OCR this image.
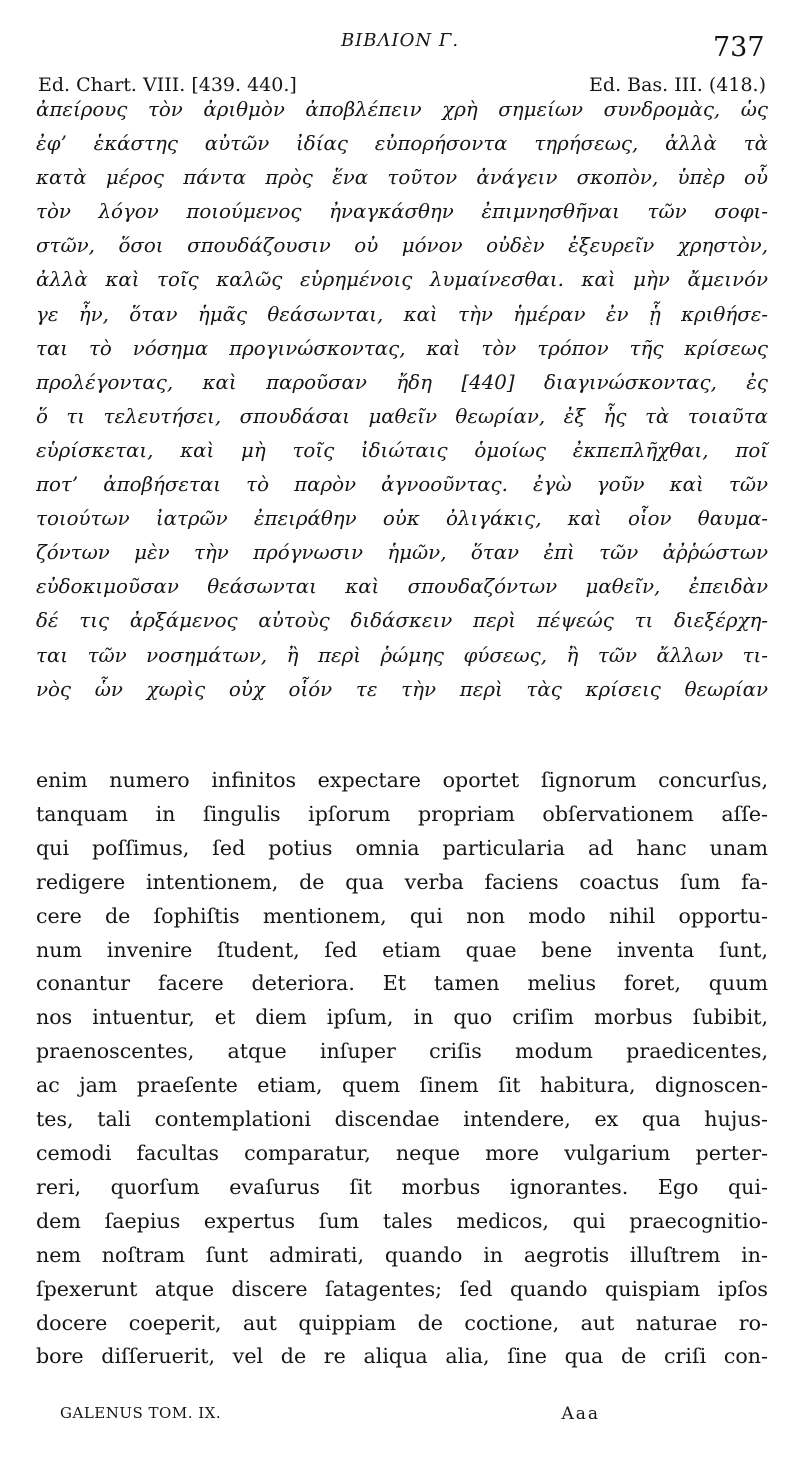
BIBΛIOΝ Γ.	737
Ed. Chart. VIII. [439. 440.]	Ed. Bas. III. (418.)
ἀπείρους τὸν ἀριθμὸν ἀποβλέπειν χρὴ σημείων συνδρομὰς, ὡς
ἐφ’ ἑκάστης αὐτῶν ἰδίας εὐπορήσοντα τηρήσεως, ἀλλὰ τὰ
κατὰ μέρος πάντα πρὸς ἕνα τοῦτον ἀνάγειν σκοπὸν, ὑπὲρ οὗ
τὸν λόγον ποιούμενος ἠναγκάσθην ἐπιμνησθῆναι τῶν σοφι-
στῶν, ὅσοι σπουδάζουσιν οὐ μόνον οὐδὲν ἐξευρεῖν χρηστὸν,
ἀλλὰ καὶ τοῖς καλῶς εὑρημένοις λυμαίνεσθαι. καὶ μὴν ἄμεινόν
γε ἦν, ὅταν ἡμᾶς θεάσωνται, καὶ τὴν ἡμέραν ἐν ᾗ κριθήσε-
ται τὸ νόσημα προγινώσκοντας, καὶ τὸν τρόπον τῆς κρίσεως
προλέγοντας, καὶ παροῦσαν ἤδη [440] διαγινώσκοντας, ἐς
ὅ τι τελευτήσει, σπουδάσαι μαθεῖν θεωρίαν, ἐξ ἧς τὰ τοιαῦτα
εὑρίσκεται, καὶ μὴ τοῖς ἰδιώταις ὁμοίως ἐκπεπλῆχθαι, ποῖ
ποτ’ ἀποβήσεται τὸ παρὸν ἀγνοοῦντας. ἐγὼ γοῦν καὶ τῶν
τοιούτων ἰατρῶν ἐπειράθην οὐκ ὀλιγάκις, καὶ οἷον θαυμα-
ζόντων μὲν τὴν πρόγνωσιν ἡμῶν, ὅταν ἐπὶ τῶν ἀῤῥώστων
εὐδοκιμοῦσαν θεάσωνται καὶ σπουδαζόντων μαθεῖν, ἐπειδὰν
δέ τις ἀρξάμενος αὐτοὺς διδάσκειν περὶ πέψεώς τι διεξέρχη-
ται τῶν νοσημάτων, ἢ περὶ ῥώμης φύσεως, ἢ τῶν ἄλλων τι-
νὸς ὧν χωρὶς οὐχ οἷόν τε τὴν περὶ τὰς κρίσεις θεωρίαν
enim numero infinitos expectare oportet ſignorum concurſus,
tanquam in ſingulis ipſorum propriam obſervationem aſſe-
qui poſſimus, ſed potius omnia particularia ad hanc unam
redigere intentionem, de qua verba faciens coactus ſum fa-
cere de ſophiſtis mentionem, qui non modo nihil opportu-
num invenire ſtudent, ſed etiam quae bene inventa ſunt,
conantur facere deteriora. Et tamen melius foret, quum
nos intuentur, et diem ipſum, in quo criſim morbus ſubibit,
praenoscentes, atque inſuper criſis modum praedicentes,
ac jam praeſente etiam, quem ſinem ſit habitura, dignoscen-
tes, tali contemplationi discendae intendere, ex qua hujus-
cemodi facultas comparatur, neque more vulgarium perter-
reri, quorſum evaſurus ſit morbus ignorantes. Ego qui-
dem ſaepius expertus ſum tales medicos, qui praecognitio-
nem noſtram ſunt admirati, quando in aegrotis illuſtrem in-
ſpexerunt atque discere ſatagentes; ſed quando quispiam ipſos
docere coeperit, aut quippiam de coctione, aut naturae ro-
bore diſſeruerit, vel de re aliqua alia, ſine qua de criſi con-
GALENUS TOM. IX.	Aaa
